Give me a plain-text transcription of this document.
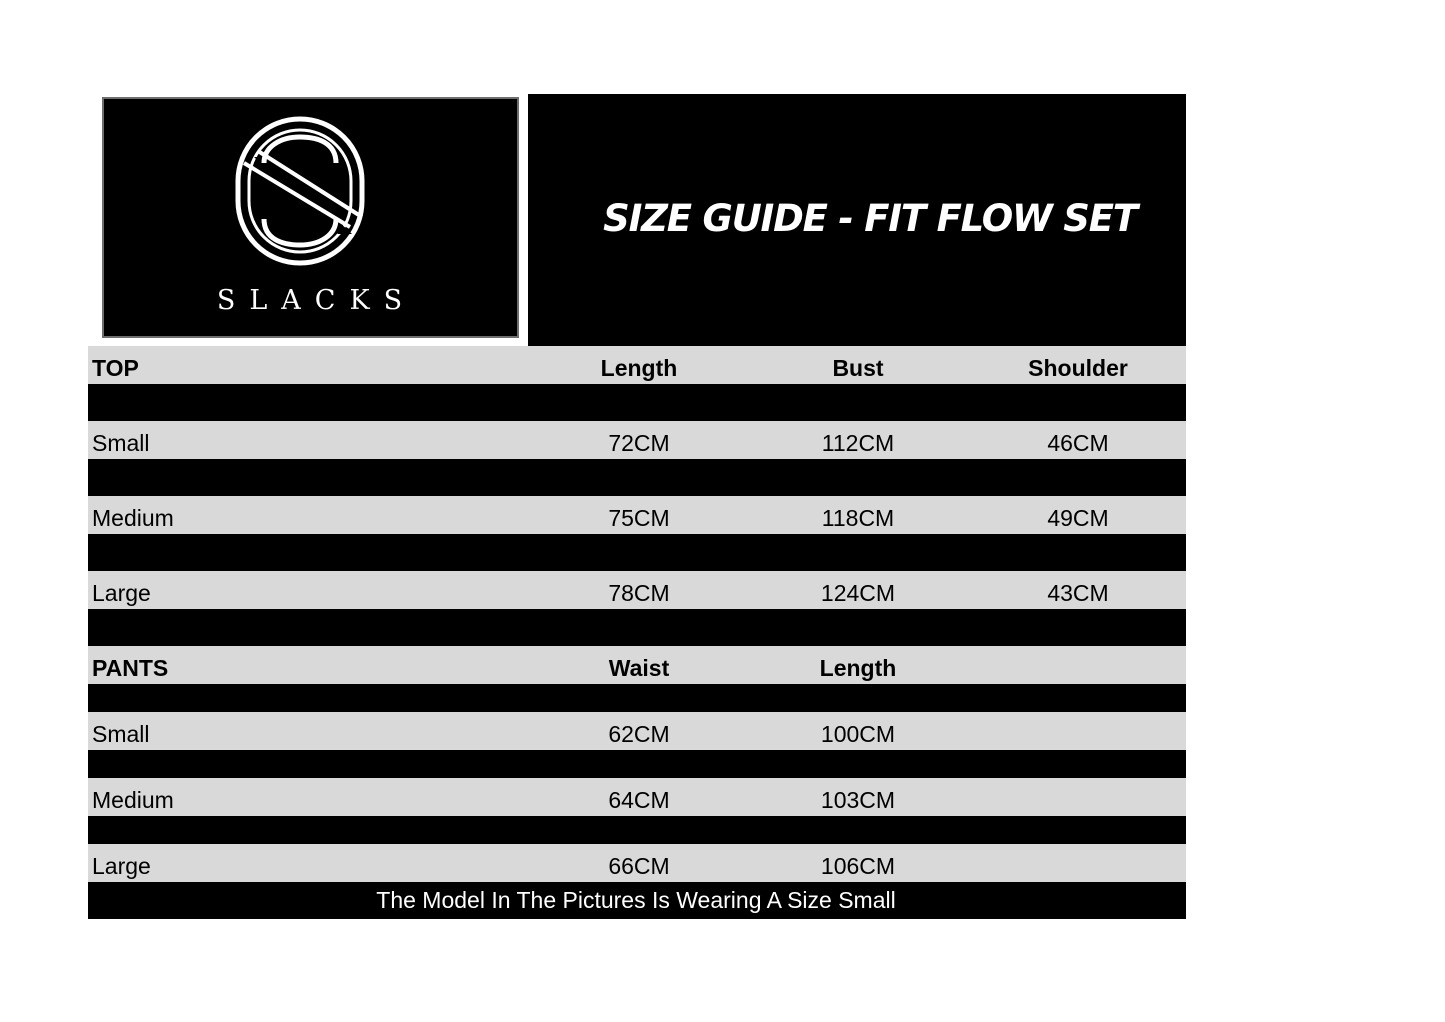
SLACKS
SIZE GUIDE - FIT FLOW SET
TOP	Length	Bust	Shoulder
Small	72CM	112CM	46CM
Medium	75CM	118CM	49CM
Large	78CM	124CM	43CM
PANTS	Waist	Length
Small	62CM	100CM
Medium	64CM	103CM
Large	66CM	106CM
The Model In The Pictures Is Wearing A Size Small
